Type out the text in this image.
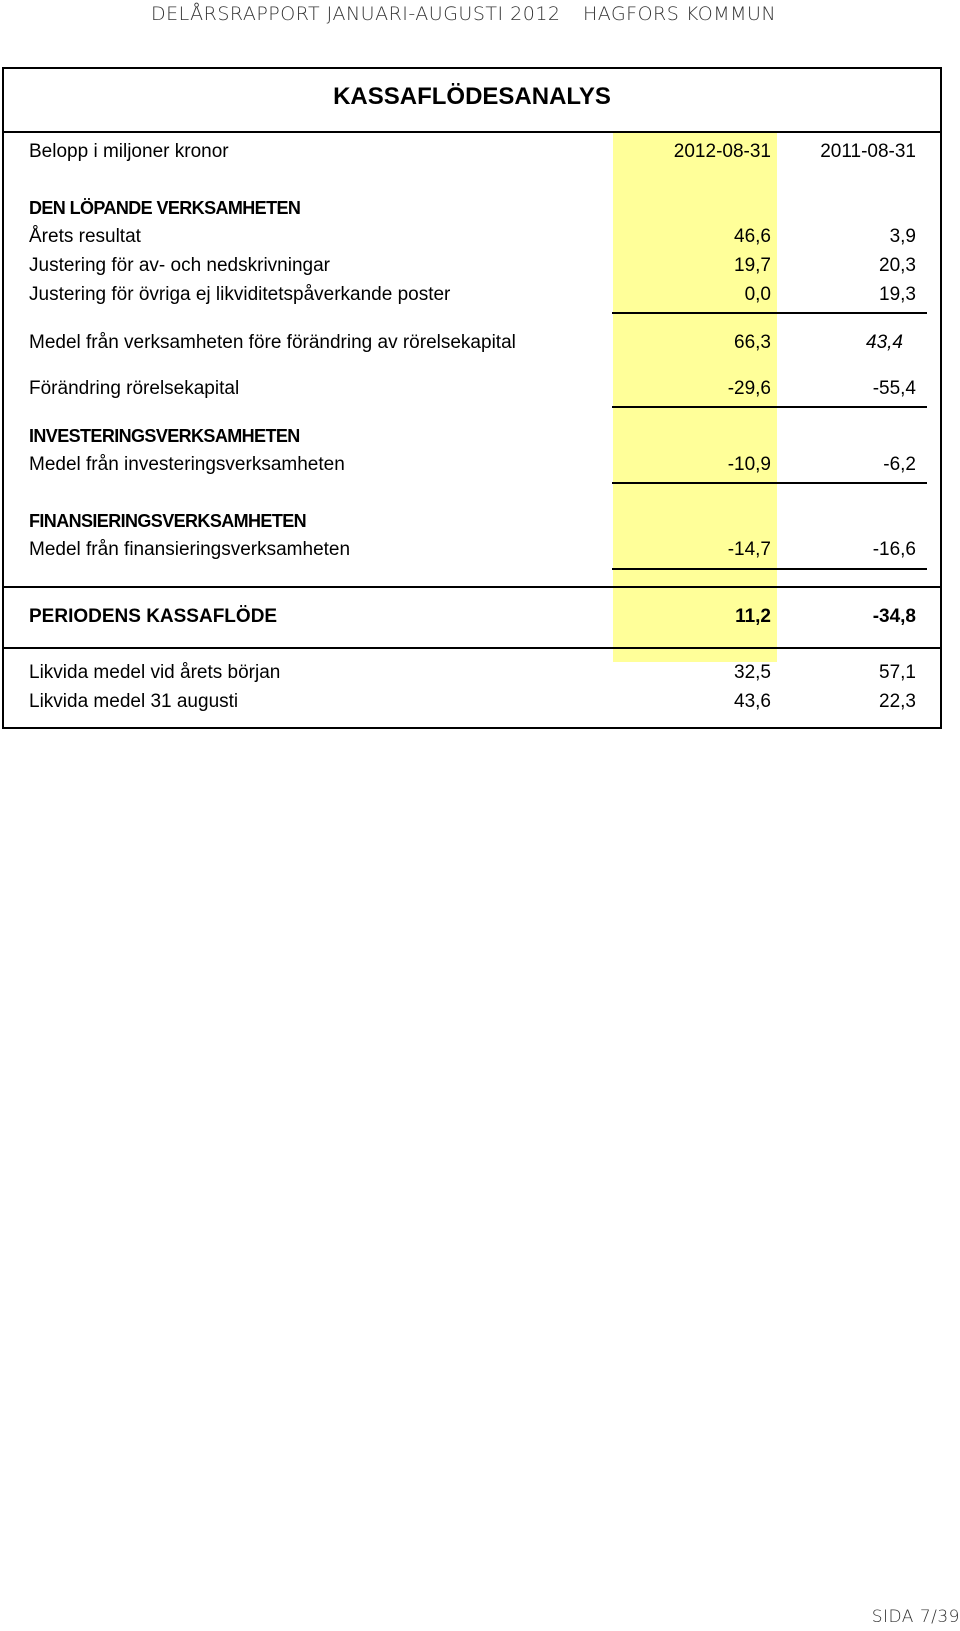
DELÅRSRAPPORT JANUARI-AUGUSTI 2012 HAGFORS KOMMUN
KASSAFLÖDESANALYS
Belopp i miljoner kronor	2012-08-31	2011-08-31
DEN LÖPANDE VERKSAMHETEN
Årets resultat	46,6	3,9
Justering för av- och nedskrivningar	19,7	20,3
Justering för övriga ej likviditetspåverkande poster	0,0	19,3
Medel från verksamheten före förändring av rörelsekapital	66,3	43,4
Förändring rörelsekapital	-29,6	-55,4
INVESTERINGSVERKSAMHETEN
Medel från investeringsverksamheten	-10,9	-6,2
FINANSIERINGSVERKSAMHETEN
Medel från finansieringsverksamheten	-14,7	-16,6
PERIODENS KASSAFLÖDE	11,2	-34,8
Likvida medel vid årets början	32,5	57,1
Likvida medel 31 augusti	43,6	22,3
SIDA 7/39
